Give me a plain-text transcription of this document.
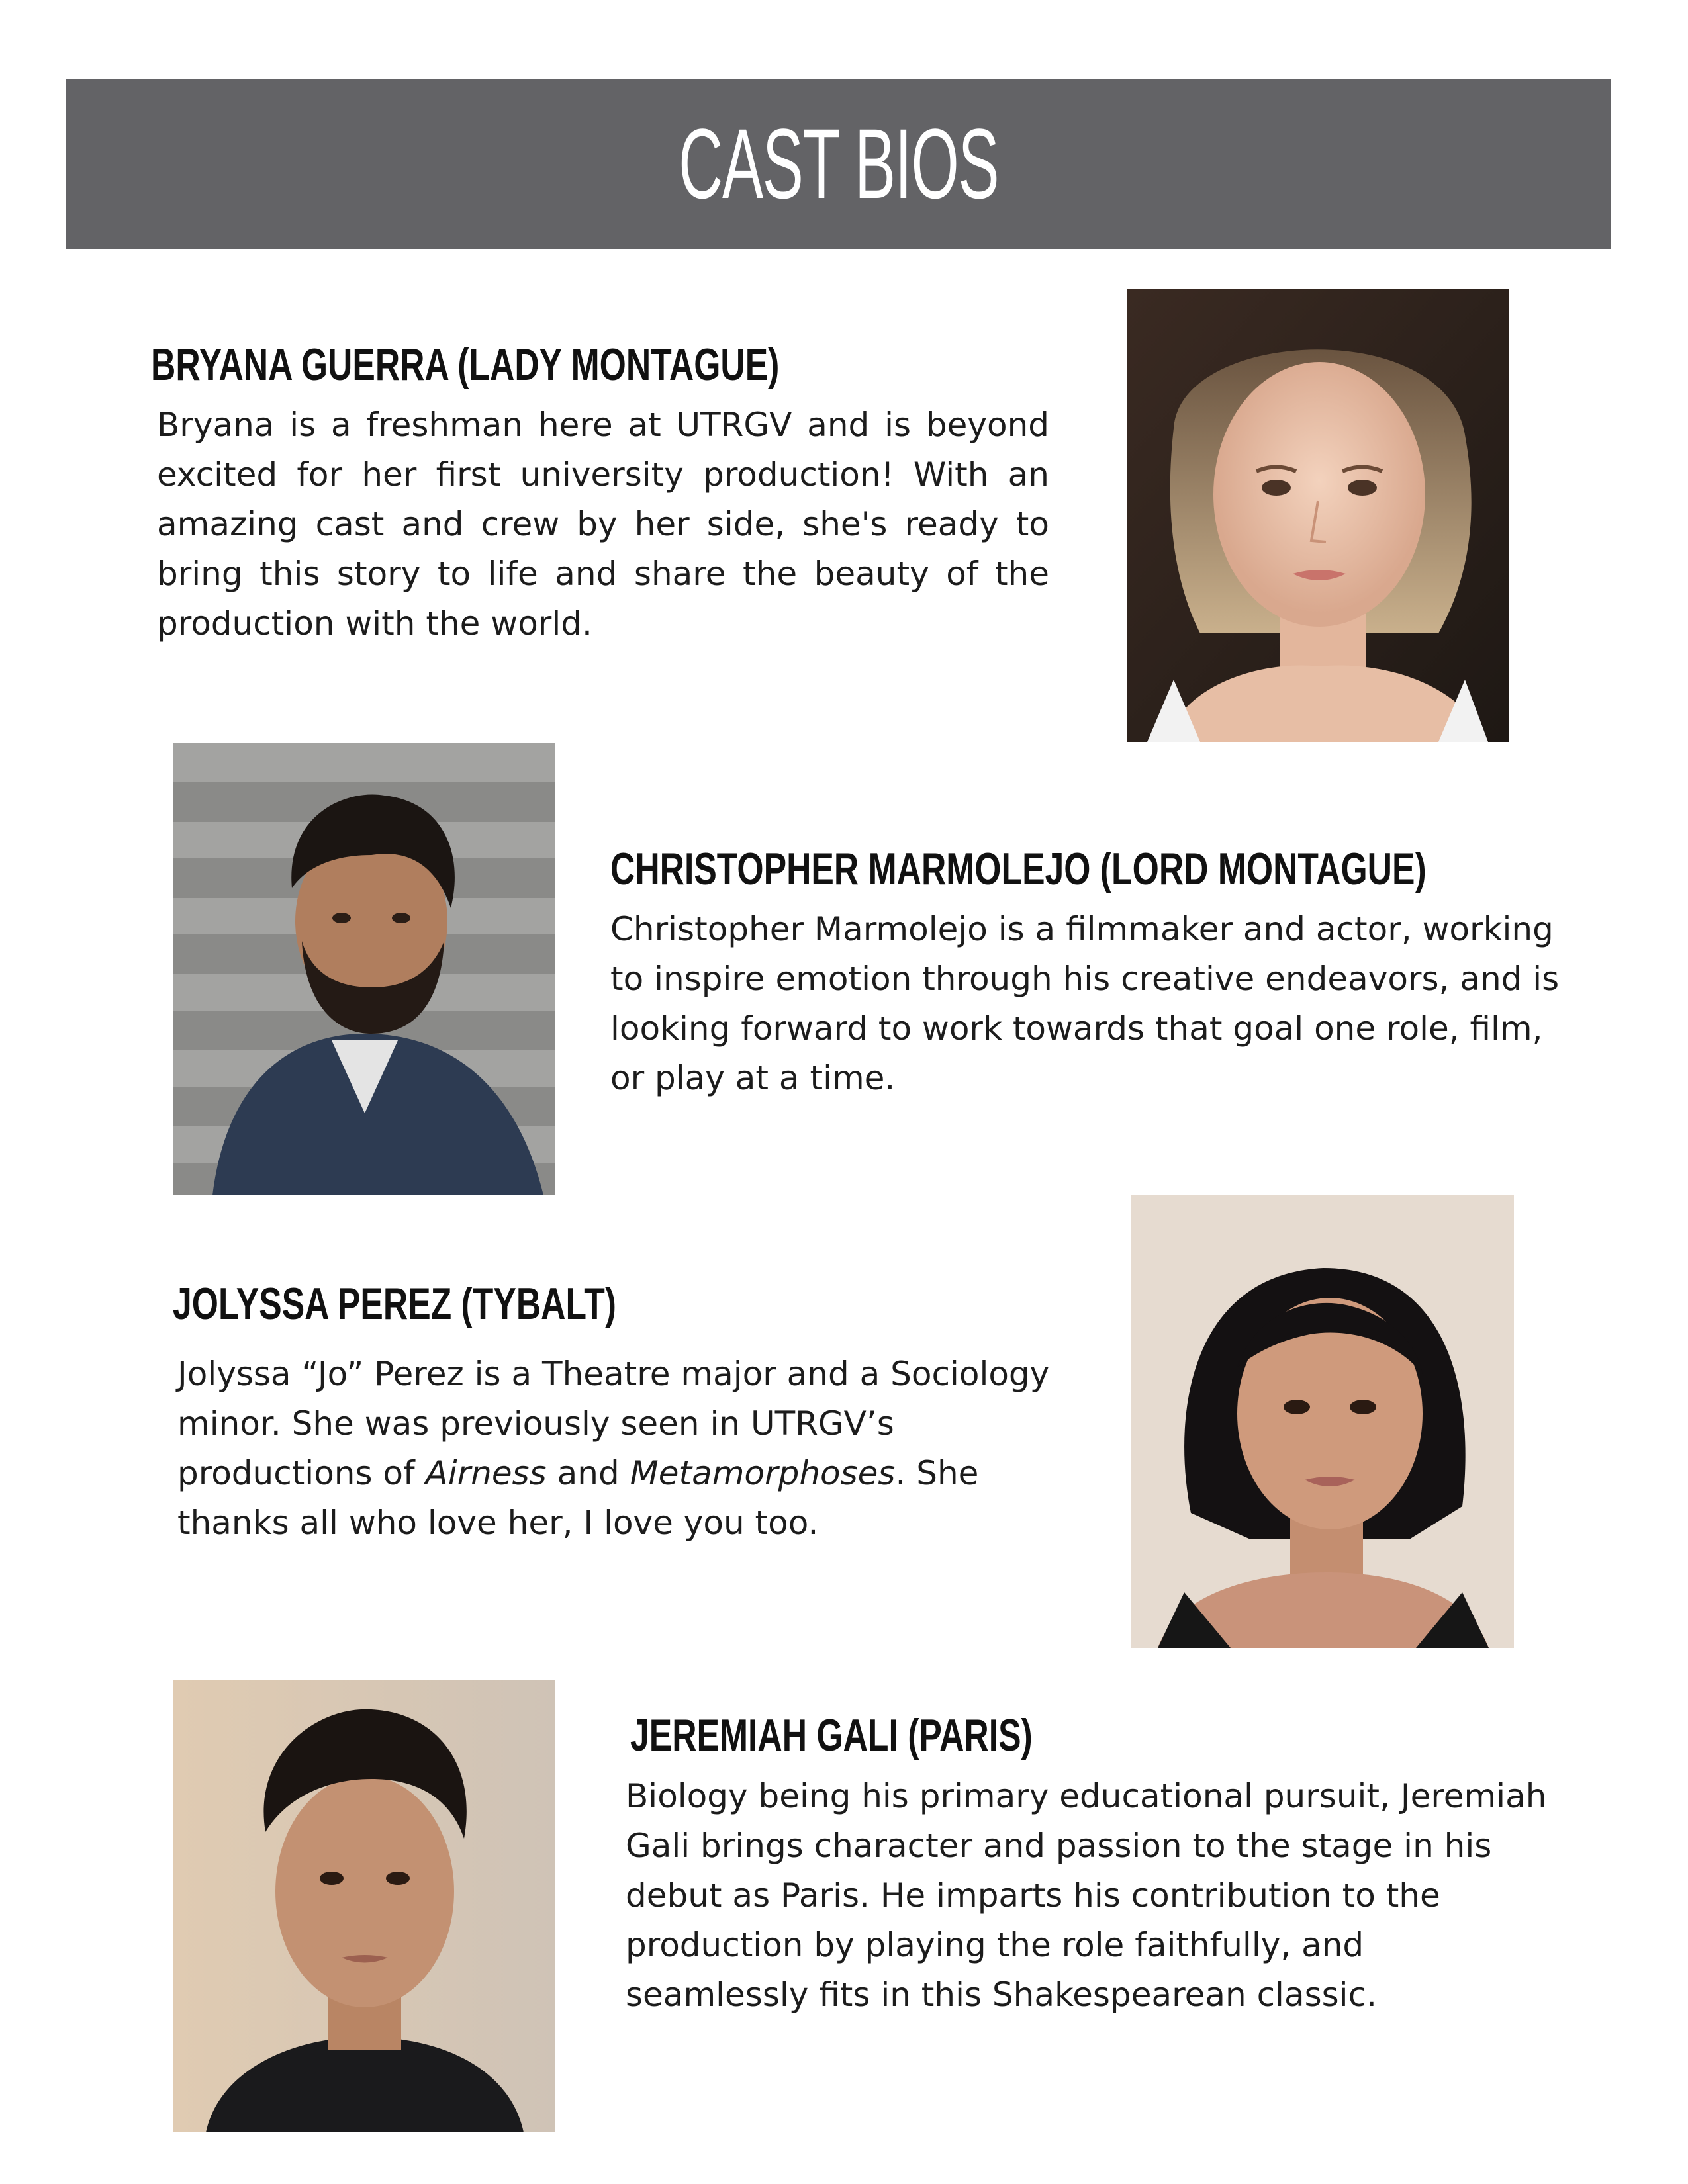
CAST BIOS
BRYANA GUERRA (LADY MONTAGUE)

Bryana is a freshman here at UTRGV and is beyond excited for her first university production! With an amazing cast and crew by her side, she's ready to bring this story to life and share the beauty of the production with the world.

CHRISTOPHER MARMOLEJO (LORD MONTAGUE)

Christopher Marmolejo is a filmmaker and actor, working to inspire emotion through his creative endeavors, and is looking forward to work towards that goal one role, film, or play at a time.

JOLYSSA PEREZ (TYBALT)

Jolyssa “Jo” Perez is a Theatre major and a Sociology minor. She was previously seen in UTRGV’s productions of Airness and Metamorphoses. She thanks all who love her, I love you too.

JEREMIAH GALI (PARIS)

Biology being his primary educational pursuit, Jeremiah Gali brings character and passion to the stage in his debut as Paris. He imparts his contribution to the production by playing the role faithfully, and seamlessly fits in this Shakespearean classic.
